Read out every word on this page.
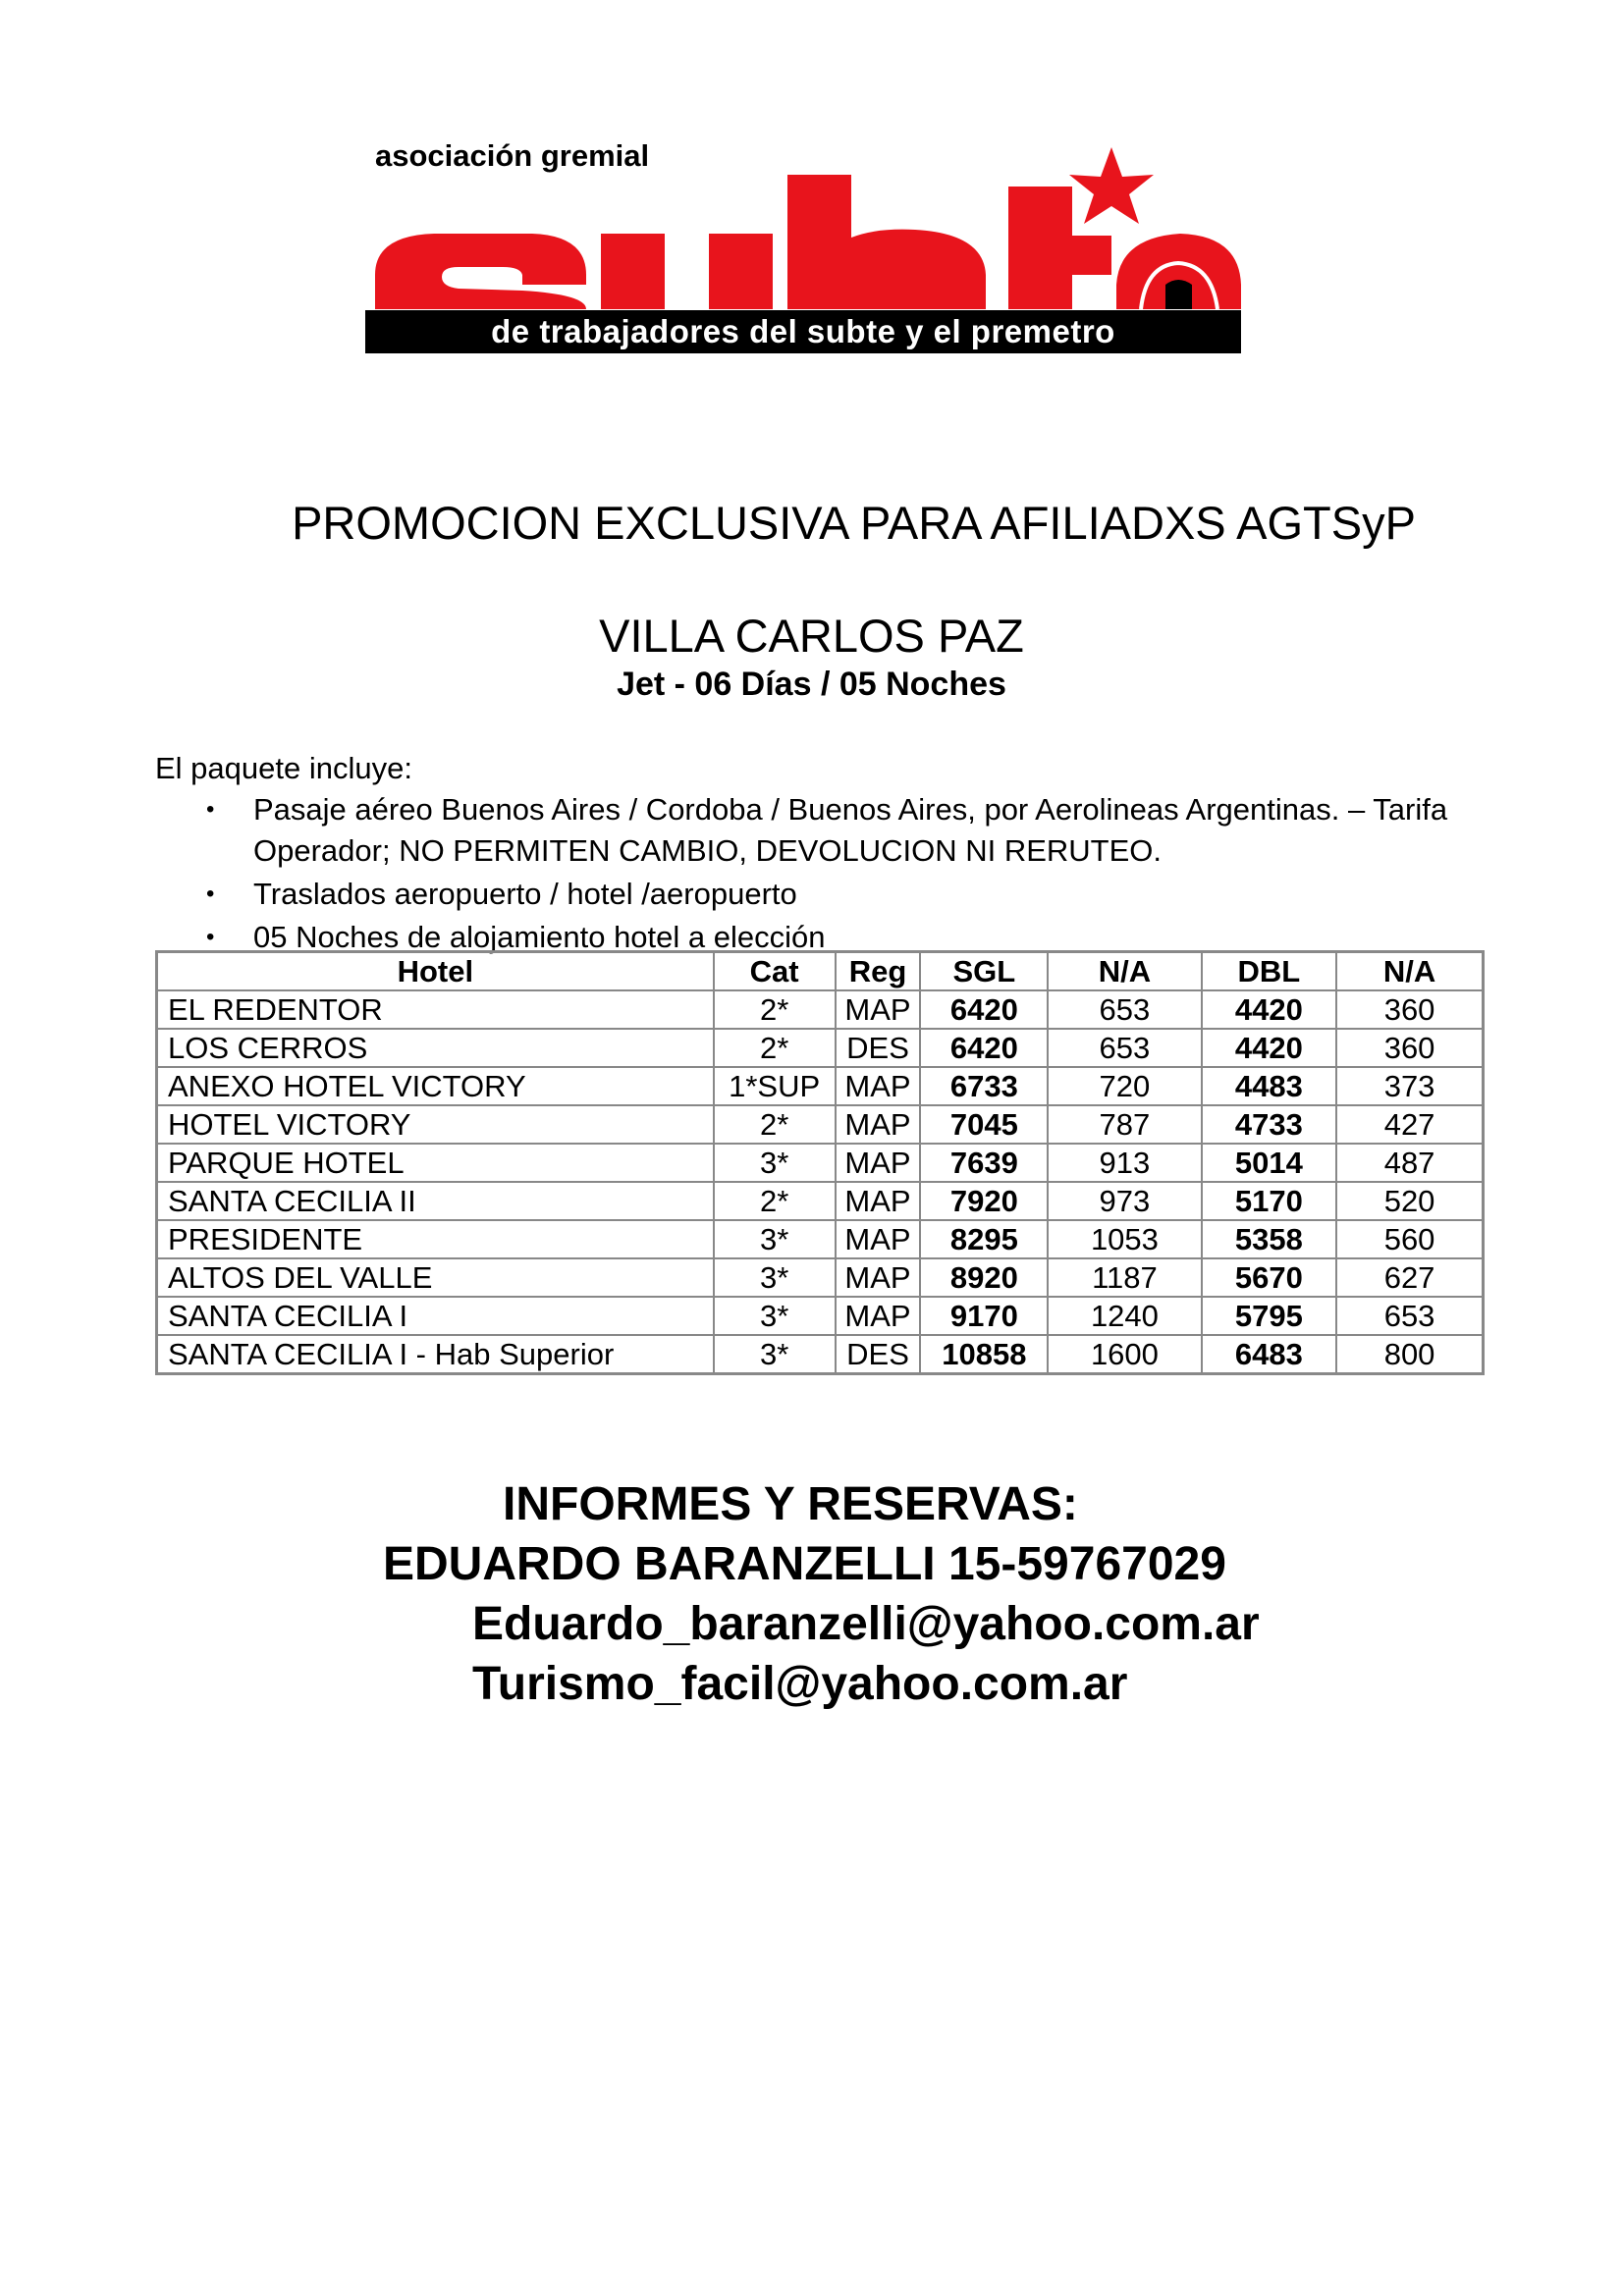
asociación gremial
de trabajadores del subte y el premetro
PROMOCION EXCLUSIVA PARA AFILIADXS AGTSyP
VILLA CARLOS PAZ
Jet - 06 Días / 05 Noches
El paquete incluye:
• Pasaje aéreo Buenos Aires / Cordoba / Buenos Aires, por Aerolineas Argentinas. – Tarifa Operador; NO PERMITEN CAMBIO, DEVOLUCION NI RERUTEO.
• Traslados aeropuerto / hotel /aeropuerto
• 05 Noches de alojamiento hotel a elección
Hotel	Cat	Reg	SGL	N/A	DBL	N/A
EL REDENTOR	2*	MAP	6420	653	4420	360
LOS CERROS	2*	DES	6420	653	4420	360
ANEXO HOTEL VICTORY	1*SUP	MAP	6733	720	4483	373
HOTEL VICTORY	2*	MAP	7045	787	4733	427
PARQUE HOTEL	3*	MAP	7639	913	5014	487
SANTA CECILIA II	2*	MAP	7920	973	5170	520
PRESIDENTE	3*	MAP	8295	1053	5358	560
ALTOS DEL VALLE	3*	MAP	8920	1187	5670	627
SANTA CECILIA I	3*	MAP	9170	1240	5795	653
SANTA CECILIA I - Hab Superior	3*	DES	10858	1600	6483	800
INFORMES Y RESERVAS:
EDUARDO BARANZELLI 15-59767029
Eduardo_baranzelli@yahoo.com.ar
Turismo_facil@yahoo.com.ar
